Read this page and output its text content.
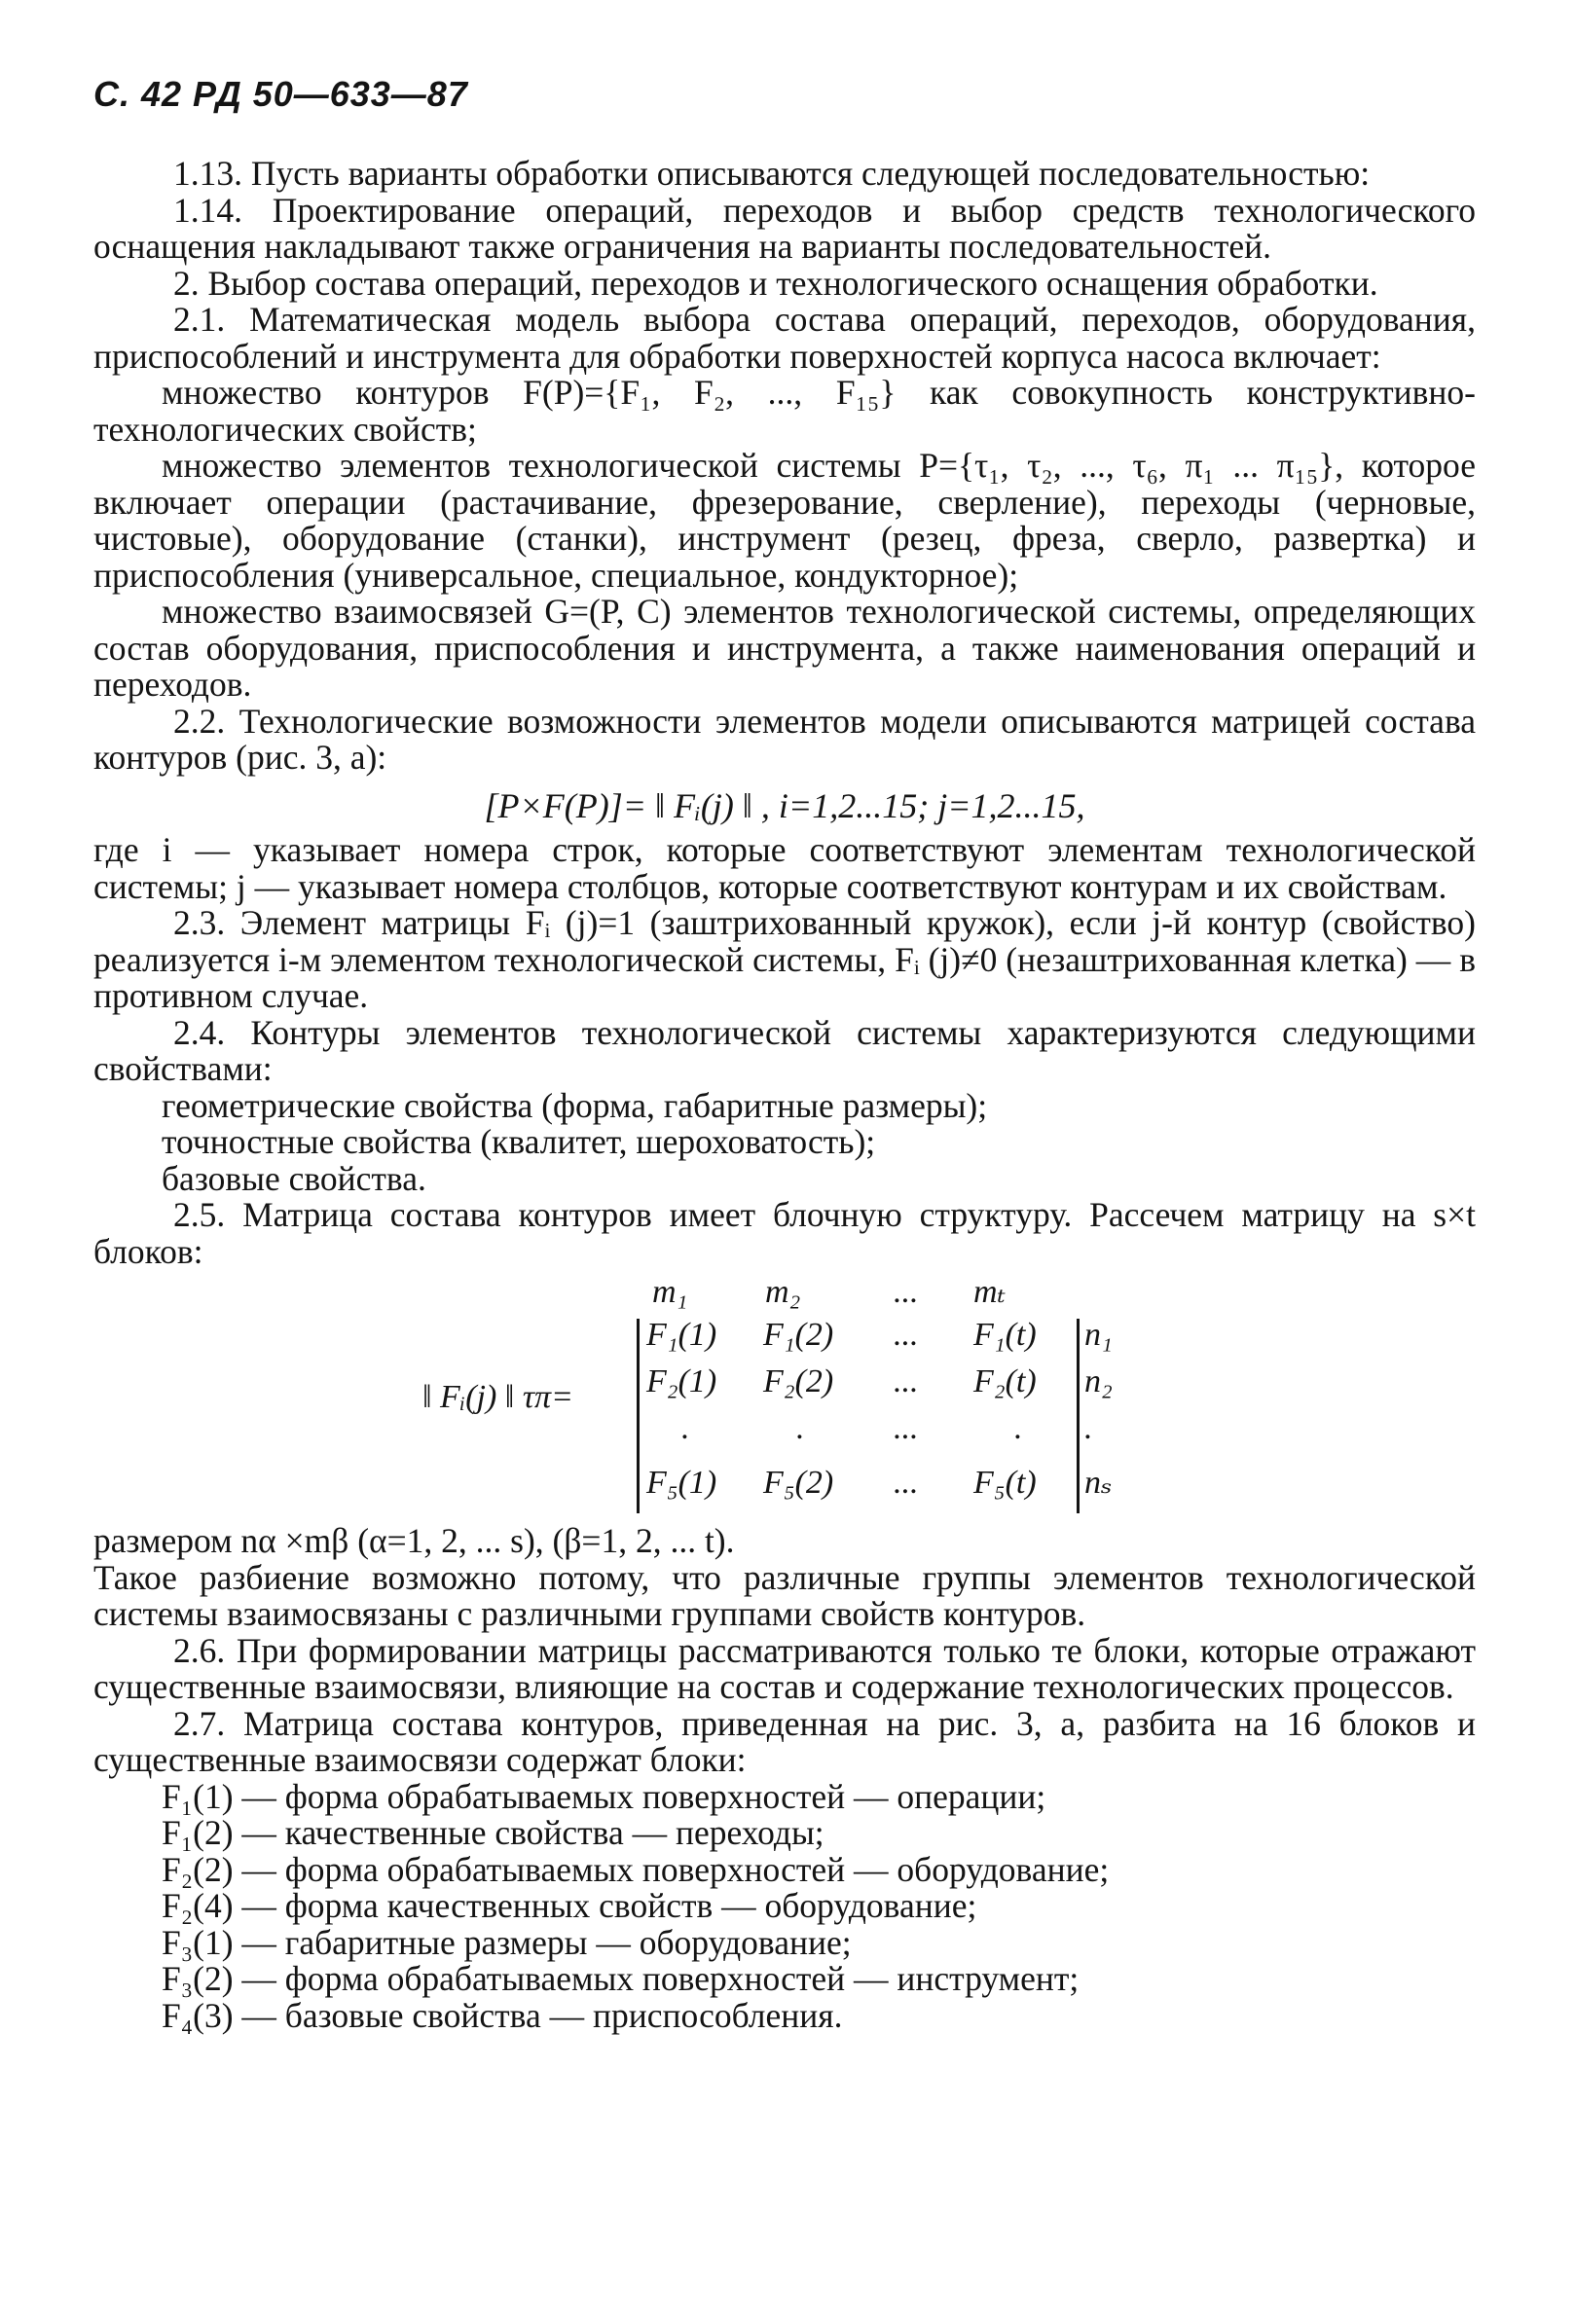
С. 42 РД 50—633—87

1.13. Пусть варианты обработки описываются следующей последовательностью:

1.14. Проектирование операций, переходов и выбор средств технологического оснащения накладывают также ограничения на варианты последовательностей.

2. Выбор состава операций, переходов и технологического оснащения обработки.

2.1. Математическая модель выбора состава операций, переходов, оборудования, приспособлений и инструмента для обработки поверхностей корпуса насоса включает:

множество контуров F(P)={F₁, F₂, ..., F₁₅} как совокупность конструктивно-технологических свойств;

множество элементов технологической системы P={τ₁, τ₂, ..., τ₆, π₁ ... π₁₅}, которое включает операции (растачивание, фрезерование, сверление), переходы (черновые, чистовые), оборудование (станки), инструмент (резец, фреза, сверло, развертка) и приспособления (универсальное, специальное, кондукторное);

множество взаимосвязей G=(P, C) элементов технологической системы, определяющих состав оборудования, приспособления и инструмента, а также наименования операций и переходов.

2.2. Технологические возможности элементов модели описываются матрицей состава контуров (рис. 3, а):

[P×F(P)]= ‖ Fᵢ(j) ‖ , i=1,2...15; j=1,2...15,

где i — указывает номера строк, которые соответствуют элементам технологической системы; j — указывает номера столбцов, которые соответствуют контурам и их свойствам.

2.3. Элемент матрицы Fᵢ (j)=1 (заштрихованный кружок), если j-й контур (свойство) реализуется i-м элементом технологической системы, Fᵢ (j)≠0 (незаштрихованная клетка) — в противном случае.

2.4. Контуры элементов технологической системы характеризуются следующими свойствами:

геометрические свойства (форма, габаритные размеры);
точностные свойства (квалитет, шероховатость);
базовые свойства.

2.5. Матрица состава контуров имеет блочную структуру. Рассечем матрицу на s×t блоков:

‖ Fᵢ(j) ‖ τπ=
m₁ m₂	... mₜ
F₁(1) F₁(2) ... F₁(t) n₁
F₂(1) F₂(2) ... F₂(t) n₂
.	.	...	. .
F₅(1) F₅(2) ... F₅(t) nₛ

размером nα ×mβ (α=1, 2, ... s), (β=1, 2, ... t).

Такое разбиение возможно потому, что различные группы элементов технологической системы взаимосвязаны с различными группами свойств контуров.

2.6. При формировании матрицы рассматриваются только те блоки, которые отражают существенные взаимосвязи, влияющие на состав и содержание технологических процессов.

2.7. Матрица состава контуров, приведенная на рис. 3, а, разбита на 16 блоков и существенные взаимосвязи содержат блоки:

F₁(1) — форма обрабатываемых поверхностей — операции;
F₁(2) — качественные свойства — переходы;
F₂(2) — форма обрабатываемых поверхностей — оборудование;
F₂(4) — форма качественных свойств — оборудование;
F₃(1) — габаритные размеры — оборудование;
F₃(2) — форма обрабатываемых поверхностей — инструмент;
F₄(3) — базовые свойства — приспособления.
